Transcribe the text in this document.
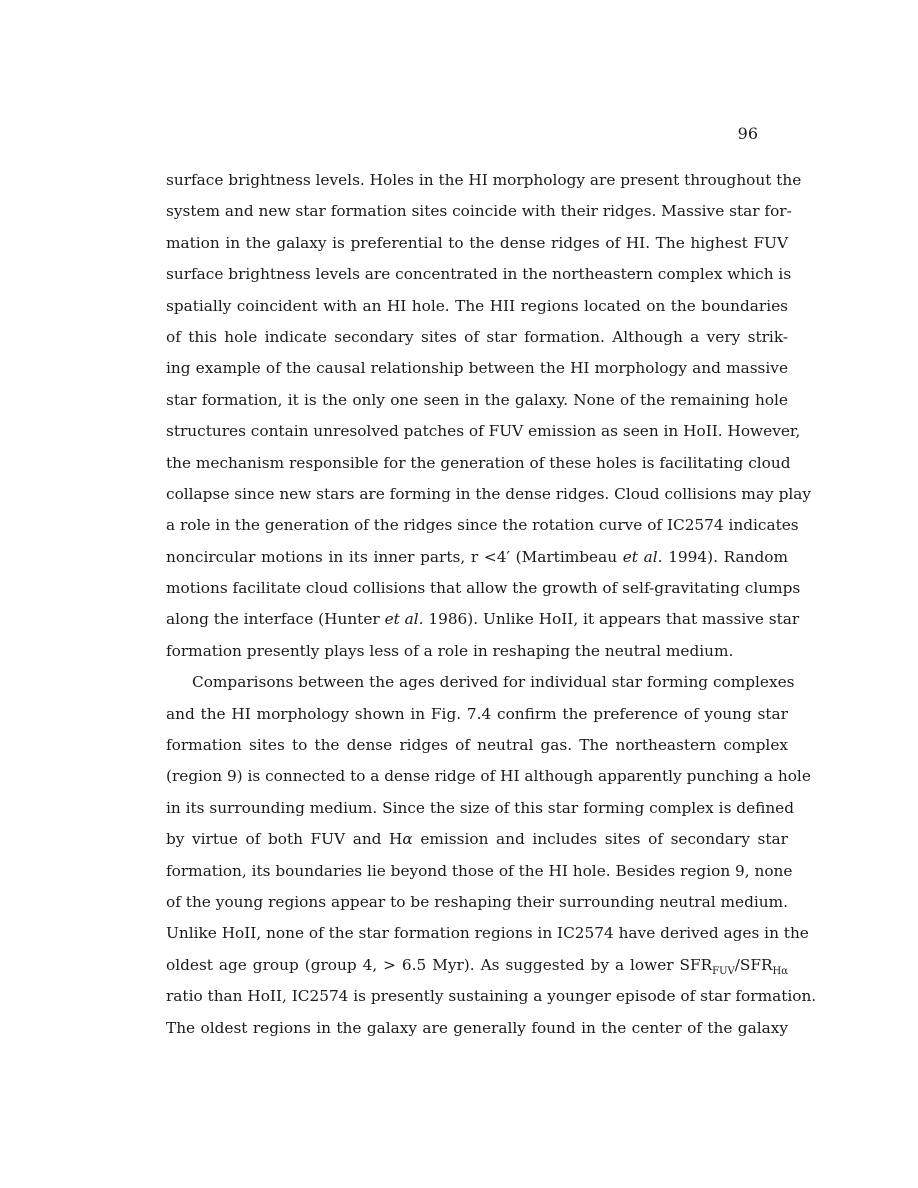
96
surface brightness levels. Holes in the HI morphology are present throughout the
system and new star formation sites coincide with their ridges. Massive star for-
mation in the galaxy is preferential to the dense ridges of HI. The highest FUV
surface brightness levels are concentrated in the northeastern complex which is
spatially coincident with an HI hole. The HII regions located on the boundaries
of this hole indicate secondary sites of star formation. Although a very strik-
ing example of the causal relationship between the HI morphology and massive
star formation, it is the only one seen in the galaxy. None of the remaining hole
structures contain unresolved patches of FUV emission as seen in HoII. However,
the mechanism responsible for the generation of these holes is facilitating cloud
collapse since new stars are forming in the dense ridges. Cloud collisions may play
a role in the generation of the ridges since the rotation curve of IC2574 indicates
noncircular motions in its inner parts, r <4′ (Martimbeau et al. 1994). Random
motions facilitate cloud collisions that allow the growth of self-gravitating clumps
along the interface (Hunter et al. 1986). Unlike HoII, it appears that massive star
formation presently plays less of a role in reshaping the neutral medium.
Comparisons between the ages derived for individual star forming complexes
and the HI morphology shown in Fig. 7.4 confirm the preference of young star
formation sites to the dense ridges of neutral gas. The northeastern complex
(region 9) is connected to a dense ridge of HI although apparently punching a hole
in its surrounding medium. Since the size of this star forming complex is defined
by virtue of both FUV and Hα emission and includes sites of secondary star
formation, its boundaries lie beyond those of the HI hole. Besides region 9, none
of the young regions appear to be reshaping their surrounding neutral medium.
Unlike HoII, none of the star formation regions in IC2574 have derived ages in the
oldest age group (group 4, > 6.5 Myr). As suggested by a lower $SFR_{FUV}/SFR_{H\alpha}$
ratio than HoII, IC2574 is presently sustaining a younger episode of star formation.
The oldest regions in the galaxy are generally found in the center of the galaxy
